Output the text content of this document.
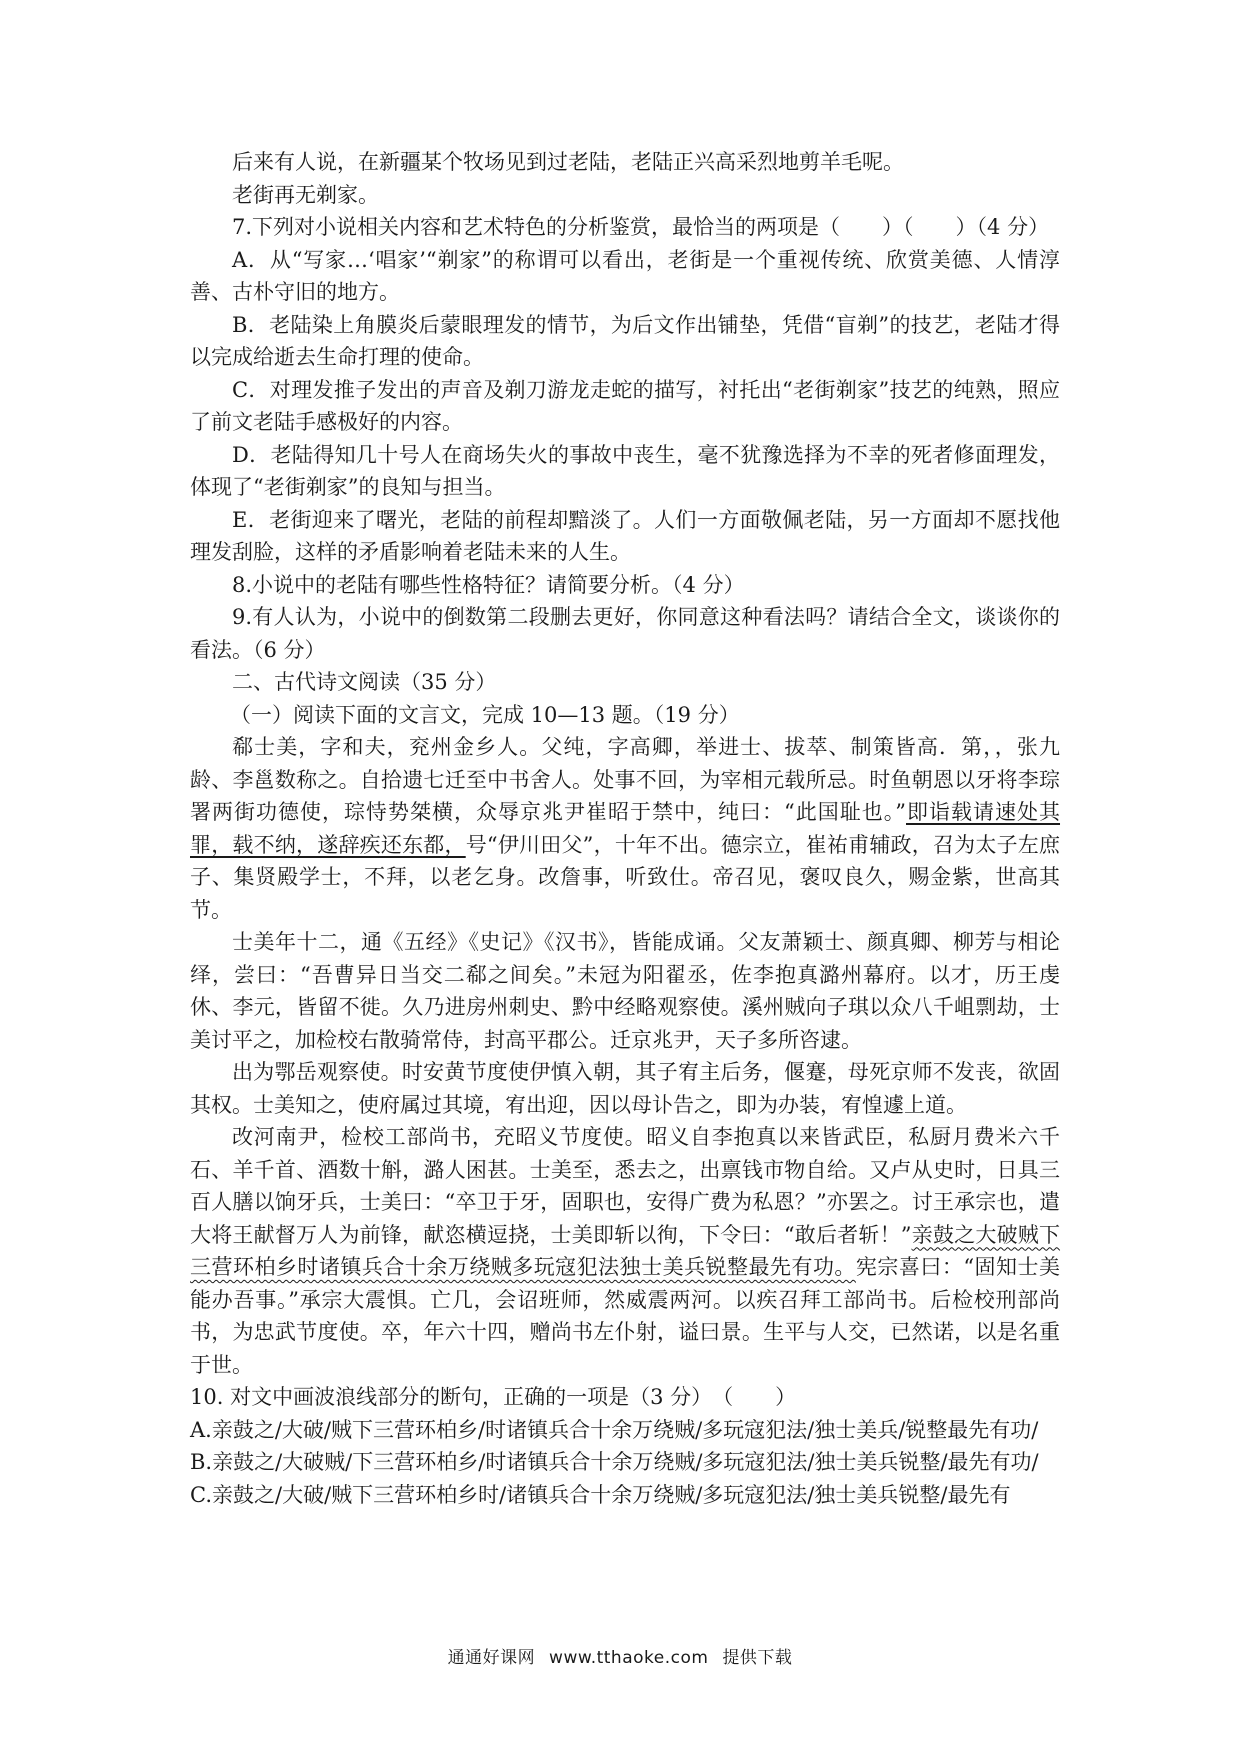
后来有人说，在新疆某个牧场见到过老陆，老陆正兴高采烈地剪羊毛呢。

老街再无剃家。

7.下列对小说相关内容和艺术特色的分析鉴赏，最恰当的两项是（　　）（　　）（4 分）

A．从“写家…‘唱家’“剃家”的称谓可以看出，老街是一个重视传统、欣赏美德、人情淳善、古朴守旧的地方。

B．老陆染上角膜炎后蒙眼理发的情节，为后文作出铺垫，凭借“盲剃”的技艺，老陆才得以完成给逝去生命打理的使命。

C．对理发推子发出的声音及剃刀游龙走蛇的描写，衬托出“老街剃家”技艺的纯熟，照应了前文老陆手感极好的内容。

D．老陆得知几十号人在商场失火的事故中丧生，毫不犹豫选择为不幸的死者修面理发，体现了“老街剃家”的良知与担当。

E．老街迎来了曙光，老陆的前程却黯淡了。人们一方面敬佩老陆，另一方面却不愿找他理发刮脸，这样的矛盾影响着老陆未来的人生。

8.小说中的老陆有哪些性格特征？请简要分析。（4 分）

9.有人认为，小说中的倒数第二段删去更好，你同意这种看法吗？请结合全文，谈谈你的看法。（6 分）

二、古代诗文阅读（35 分）

（一）阅读下面的文言文，完成 10—13 题。（19 分）

郗士美，字和夫，兖州金乡人。父纯，字高卿，举进士、拔萃、制策皆高．第，，张九龄、李邕数称之。自拾遗七迁至中书舍人。处事不回，为宰相元载所忌。时鱼朝恩以牙将李琮署两街功德使，琮恃势桀横，众辱京兆尹崔昭于禁中，纯曰：“此国耻也。”即诣载请速处其罪，载不纳，遂辞疾还东都，号“伊川田父”，十年不出。德宗立，崔祐甫辅政，召为太子左庶子、集贤殿学士，不拜，以老乞身。改詹事，听致仕。帝召见，褒叹良久，赐金紫，世高其节。

士美年十二，通《五经》《史记》《汉书》，皆能成诵。父友萧颖士、颜真卿、柳芳与相论绎，尝曰：“吾曹异日当交二郗之间矣。”未冠为阳翟丞，佐李抱真潞州幕府。以才，历王虔休、李元，皆留不徙。久乃进房州刺史、黔中经略观察使。溪州贼向子琪以众八千岨剽劫，士美讨平之，加检校右散骑常侍，封高平郡公。迁京兆尹，天子多所咨逮。

出为鄂岳观察使。时安黄节度使伊慎入朝，其子宥主后务，偃蹇，母死京师不发丧，欲固其权。士美知之，使府属过其境，宥出迎，因以母讣告之，即为办装，宥惶遽上道。

改河南尹，检校工部尚书，充昭义节度使。昭义自李抱真以来皆武臣，私厨月费米六千石、羊千首、酒数十斛，潞人困甚。士美至，悉去之，出禀钱市物自给。又卢从史时，日具三百人膳以饷牙兵，士美曰：“卒卫于牙，固职也，安得广费为私恩？”亦罢之。讨王承宗也，遣大将王献督万人为前锋，献恣横逗挠，士美即斩以徇，下令曰：“敢后者斩！”亲鼓之大破贼下三营环柏乡时诸镇兵合十余万绕贼多玩寇犯法独士美兵锐整最先有功。宪宗喜曰：“固知士美能办吾事。”承宗大震惧。亡几，会诏班师，然威震两河。以疾召拜工部尚书。后检校刑部尚书，为忠武节度使。卒，年六十四，赠尚书左仆射，谥曰景。生平与人交，已然诺，以是名重于世。

10. 对文中画波浪线部分的断句，正确的一项是（3 分）　（　　）

A.亲鼓之/大破/贼下三营环柏乡/时诸镇兵合十余万绕贼/多玩寇犯法/独士美兵/锐整最先有功/

B.亲鼓之/大破贼/下三营环柏乡/时诸镇兵合十余万绕贼/多玩寇犯法/独士美兵锐整/最先有功/

C.亲鼓之/大破/贼下三营环柏乡时/诸镇兵合十余万绕贼/多玩寇犯法/独士美兵锐整/最先有

通通好课网 www.tthaoke.com 提供下载
